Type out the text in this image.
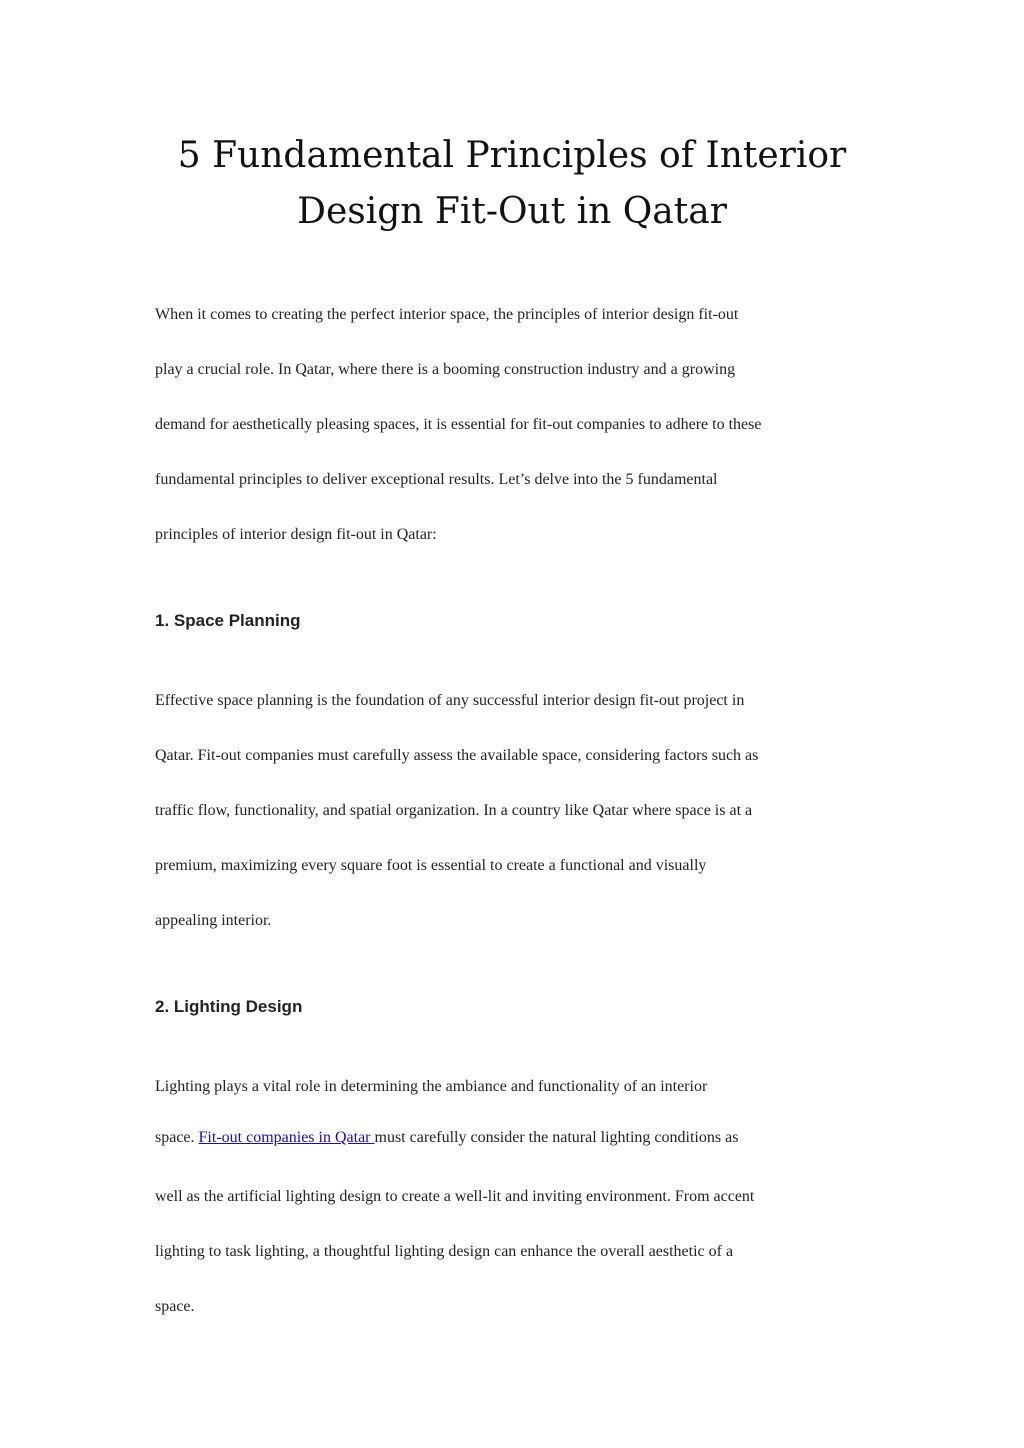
5 Fundamental Principles of Interior
Design Fit-Out in Qatar

When it comes to creating the perfect interior space, the principles of interior design fit-out
play a crucial role. In Qatar, where there is a booming construction industry and a growing
demand for aesthetically pleasing spaces, it is essential for fit-out companies to adhere to these
fundamental principles to deliver exceptional results. Let’s delve into the 5 fundamental
principles of interior design fit-out in Qatar:

1. Space Planning

Effective space planning is the foundation of any successful interior design fit-out project in
Qatar. Fit-out companies must carefully assess the available space, considering factors such as
traffic flow, functionality, and spatial organization. In a country like Qatar where space is at a
premium, maximizing every square foot is essential to create a functional and visually
appealing interior.

2. Lighting Design

Lighting plays a vital role in determining the ambiance and functionality of an interior
space. Fit-out companies in Qatar must carefully consider the natural lighting conditions as
well as the artificial lighting design to create a well-lit and inviting environment. From accent
lighting to task lighting, a thoughtful lighting design can enhance the overall aesthetic of a
space.
